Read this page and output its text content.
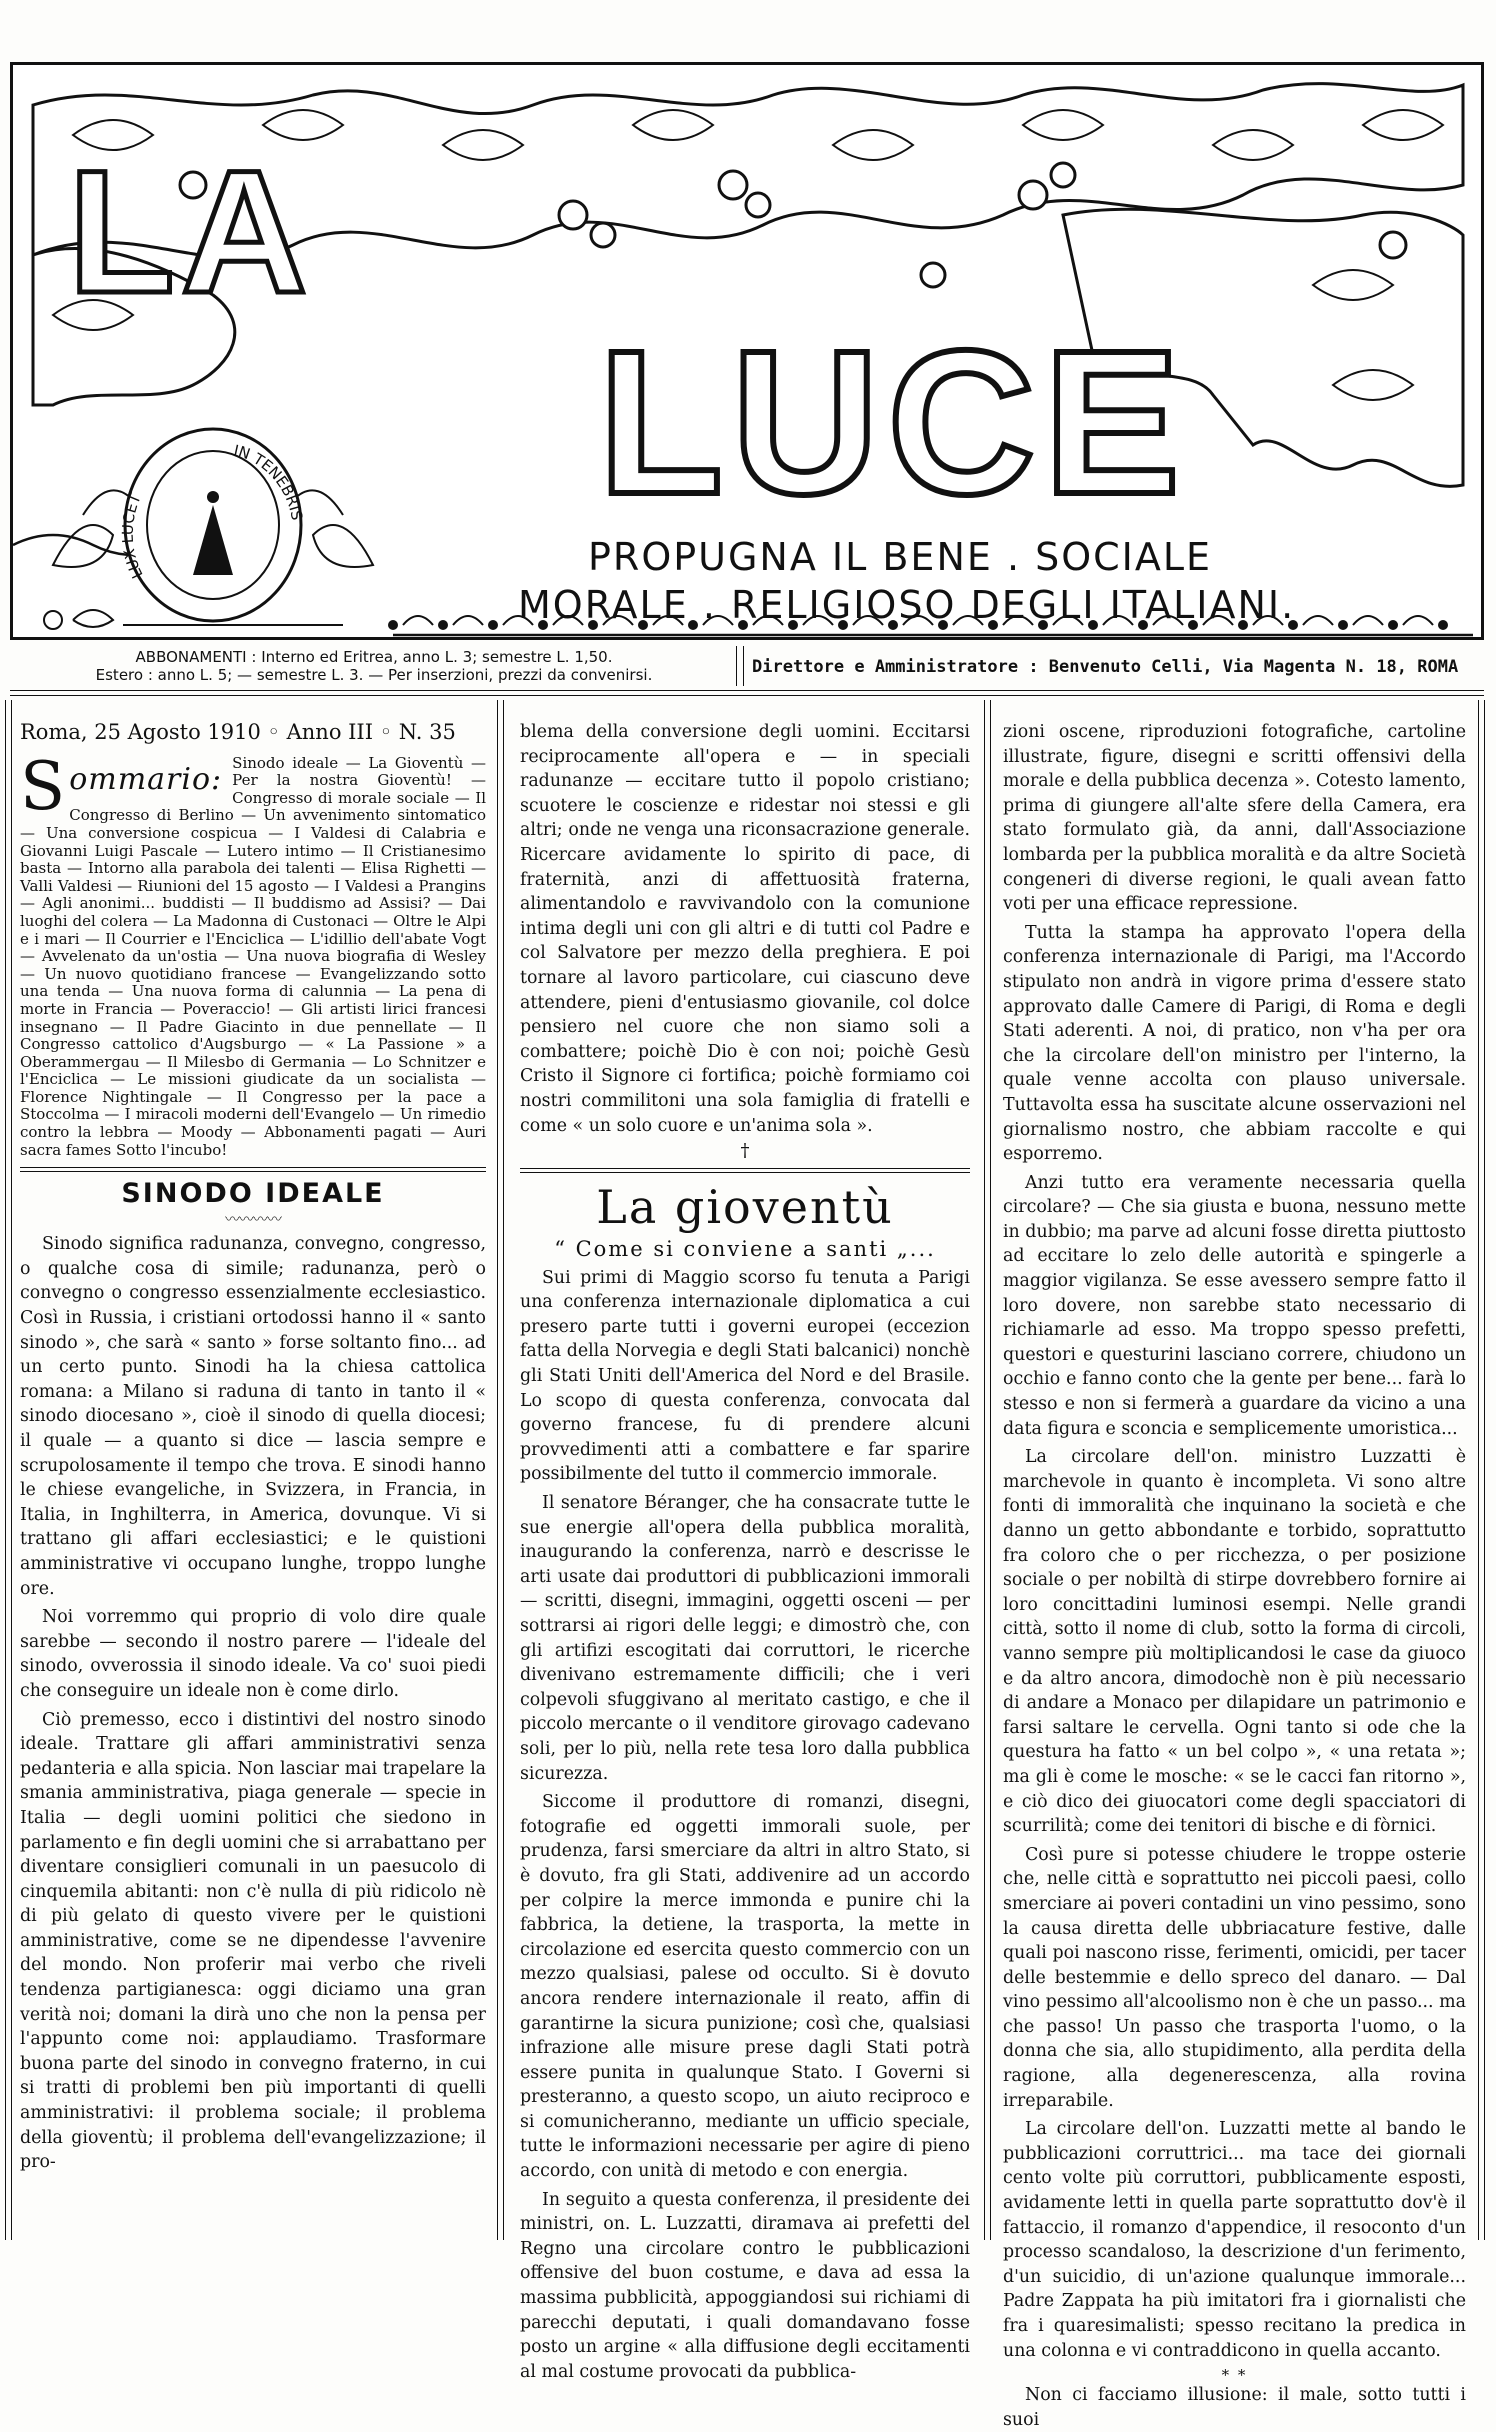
LA
LUCE
LUX LUCET
IN TENEBRIS

PROPUGNA IL BENE . SOCIALE

MORALE . RELIGIOSO DEGLI ITALIANI.

ABBONAMENTI : Interno ed Eritrea, anno L. 3; semestre L. 1,50.
Estero : anno L. 5; — semestre L. 3. — Per inserzioni, prezzi da convenirsi.	Direttore e Amministratore : Benvenuto Celli, Via Magenta N. 18, ROMA
Roma, 25 Agosto 1910 ◦ Anno III ◦ N. 35
S ommario: Sinodo ideale — La Gioventù — Per la nostra Gioventù! — Congresso di morale sociale — Il Congresso di Berlino — Un avvenimento sintomatico — Una conversione cospicua — I Valdesi di Calabria e Giovanni Luigi Pascale — Lutero intimo — Il Cristianesimo basta — Intorno alla parabola dei talenti — Elisa Righetti — Valli Valdesi — Riunioni del 15 agosto — I Valdesi a Prangins — Agli anonimi... buddisti — Il buddismo ad Assisi? — Dai luoghi del colera — La Madonna di Custonaci — Oltre le Alpi e i mari — Il Courrier e l'Enciclica — L'idillio dell'abate Vogt — Avvelenato da un'ostia — Una nuova biografia di Wesley — Un nuovo quotidiano francese — Evangelizzando sotto una tenda — Una nuova forma di calunnia — La pena di morte in Francia — Poveraccio! — Gli artisti lirici francesi insegnano — Il Padre Giacinto in due pennellate — Il Congresso cattolico d'Augsburgo — « La Passione » a Oberammergau — Il Milesbo di Germania — Lo Schnitzer e l'Enciclica — Le missioni giudicate da un socialista — Florence Nightingale — Il Congresso per la pace a Stoccolma — I miracoli moderni dell'Evangelo — Un rimedio contro la lebbra — Moody — Abbonamenti pagati — Auri sacra fames Sotto l'incubo!
SINODO IDEALE
〰〰〰〰

Sinodo significa radunanza, convegno, congresso, o qualche cosa di simile; radunanza, però o convegno o congresso essenzialmente ecclesiastico. Così in Russia, i cristiani ortodossi hanno il « santo sinodo », che sarà « santo » forse soltanto fino... ad un certo punto. Sinodi ha la chiesa cattolica romana: a Milano si raduna di tanto in tanto il « sinodo diocesano », cioè il sinodo di quella diocesi; il quale — a quanto si dice — lascia sempre e scrupolosamente il tempo che trova. E sinodi hanno le chiese evangeliche, in Svizzera, in Francia, in Italia, in Inghilterra, in America, dovunque. Vi si trattano gli affari ecclesiastici; e le quistioni amministrative vi occupano lunghe, troppo lunghe ore.

Noi vorremmo qui proprio di volo dire quale sarebbe — secondo il nostro parere — l'ideale del sinodo, ovverossia il sinodo ideale. Va co' suoi piedi che conseguire un ideale non è come dirlo.

Ciò premesso, ecco i distintivi del nostro sinodo ideale. Trattare gli affari amministrativi senza pedanteria e alla spicia. Non lasciar mai trapelare la smania amministrativa, piaga generale — specie in Italia — degli uomini politici che siedono in parlamento e fin degli uomini che si arrabattano per diventare consiglieri comunali in un paesucolo di cinquemila abitanti: non c'è nulla di più ridicolo nè di più gelato di questo vivere per le quistioni amministrative, come se ne dipendesse l'avvenire del mondo. Non proferir mai verbo che riveli tendenza partigianesca: oggi diciamo una gran verità noi; domani la dirà uno che non la pensa per l'appunto come noi: applaudiamo. Trasformare buona parte del sinodo in convegno fraterno, in cui si tratti di problemi ben più importanti di quelli amministrativi: il problema sociale; il problema della gioventù; il problema dell'evangelizzazione; il pro-

blema della conversione degli uomini. Eccitarsi reciprocamente all'opera e — in speciali radunanze — eccitare tutto il popolo cristiano; scuotere le coscienze e ridestar noi stessi e gli altri; onde ne venga una riconsacrazione generale. Ricercare avidamente lo spirito di pace, di fraternità, anzi di affettuosità fraterna, alimentandolo e ravvivandolo con la comunione intima degli uni con gli altri e di tutti col Padre e col Salvatore per mezzo della preghiera. E poi tornare al lavoro particolare, cui ciascuno deve attendere, pieni d'entusiasmo giovanile, col dolce pensiero nel cuore che non siamo soli a combattere; poichè Dio è con noi; poichè Gesù Cristo il Signore ci fortifica; poichè formiamo coi nostri commilitoni una sola famiglia di fratelli e come « un solo cuore e un'anima sola ».

†
La gioventù
“ Come si conviene a santi „...

Sui primi di Maggio scorso fu tenuta a Parigi una conferenza internazionale diplomatica a cui presero parte tutti i governi europei (eccezion fatta della Norvegia e degli Stati balcanici) nonchè gli Stati Uniti dell'America del Nord e del Brasile. Lo scopo di questa conferenza, convocata dal governo francese, fu di prendere alcuni provvedimenti atti a combattere e far sparire possibilmente del tutto il commercio immorale.

Il senatore Béranger, che ha consacrate tutte le sue energie all'opera della pubblica moralità, inaugurando la conferenza, narrò e descrisse le arti usate dai produttori di pubblicazioni immorali — scritti, disegni, immagini, oggetti osceni — per sottrarsi ai rigori delle leggi; e dimostrò che, con gli artifizi escogitati dai corruttori, le ricerche divenivano estremamente difficili; che i veri colpevoli sfuggivano al meritato castigo, e che il piccolo mercante o il venditore girovago cadevano soli, per lo più, nella rete tesa loro dalla pubblica sicurezza.

Siccome il produttore di romanzi, disegni, fotografie ed oggetti immorali suole, per prudenza, farsi smerciare da altri in altro Stato, si è dovuto, fra gli Stati, addivenire ad un accordo per colpire la merce immonda e punire chi la fabbrica, la detiene, la trasporta, la mette in circolazione ed esercita questo commercio con un mezzo qualsiasi, palese od occulto. Si è dovuto ancora rendere internazionale il reato, affin di garantirne la sicura punizione; così che, qualsiasi infrazione alle misure prese dagli Stati potrà essere punita in qualunque Stato. I Governi si presteranno, a questo scopo, un aiuto reciproco e si comunicheranno, mediante un ufficio speciale, tutte le informazioni necessarie per agire di pieno accordo, con unità di metodo e con energia.

In seguito a questa conferenza, il presidente dei ministri, on. L. Luzzatti, diramava ai prefetti del Regno una circolare contro le pubblicazioni offensive del buon costume, e dava ad essa la massima pubblicità, appoggiandosi sui richiami di parecchi deputati, i quali domandavano fosse posto un argine « alla diffusione degli eccitamenti al mal costume provocati da pubblica-

zioni oscene, riproduzioni fotografiche, cartoline illustrate, figure, disegni e scritti offensivi della morale e della pubblica decenza ». Cotesto lamento, prima di giungere all'alte sfere della Camera, era stato formulato già, da anni, dall'Associazione lombarda per la pubblica moralità e da altre Società congeneri di diverse regioni, le quali avean fatto voti per una efficace repressione.

Tutta la stampa ha approvato l'opera della conferenza internazionale di Parigi, ma l'Accordo stipulato non andrà in vigore prima d'essere stato approvato dalle Camere di Parigi, di Roma e degli Stati aderenti. A noi, di pratico, non v'ha per ora che la circolare dell'on ministro per l'interno, la quale venne accolta con plauso universale. Tuttavolta essa ha suscitate alcune osservazioni nel giornalismo nostro, che abbiam raccolte e qui esporremo.

Anzi tutto era veramente necessaria quella circolare? — Che sia giusta e buona, nessuno mette in dubbio; ma parve ad alcuni fosse diretta piuttosto ad eccitare lo zelo delle autorità e spingerle a maggior vigilanza. Se esse avessero sempre fatto il loro dovere, non sarebbe stato necessario di richiamarle ad esso. Ma troppo spesso prefetti, questori e questurini lasciano correre, chiudono un occhio e fanno conto che la gente per bene... farà lo stesso e non si fermerà a guardare da vicino a una data figura e sconcia e semplicemente umoristica...

La circolare dell'on. ministro Luzzatti è marchevole in quanto è incompleta. Vi sono altre fonti di immoralità che inquinano la società e che danno un getto abbondante e torbido, soprattutto fra coloro che o per ricchezza, o per posizione sociale o per nobiltà di stirpe dovrebbero fornire ai loro concittadini luminosi esempi. Nelle grandi città, sotto il nome di club, sotto la forma di circoli, vanno sempre più moltiplicandosi le case da giuoco e da altro ancora, dimodochè non è più necessario di andare a Monaco per dilapidare un patrimonio e farsi saltare le cervella. Ogni tanto si ode che la questura ha fatto « un bel colpo », « una retata »; ma gli è come le mosche: « se le cacci fan ritorno », e ciò dico dei giuocatori come degli spacciatori di scurrilità; come dei tenitori di bische e di fòrnici.

Così pure si potesse chiudere le troppe osterie che, nelle città e soprattutto nei piccoli paesi, collo smerciare ai poveri contadini un vino pessimo, sono la causa diretta delle ubbriacature festive, dalle quali poi nascono risse, ferimenti, omicidi, per tacer delle bestemmie e dello spreco del danaro. — Dal vino pessimo all'alcoolismo non è che un passo... ma che passo! Un passo che trasporta l'uomo, o la donna che sia, allo stupidimento, alla perdita della ragione, alla degenerescenza, alla rovina irreparabile.

La circolare dell'on. Luzzatti mette al bando le pubblicazioni corruttrici... ma tace dei giornali cento volte più corruttori, pubblicamente esposti, avidamente letti in quella parte soprattutto dov'è il fattaccio, il romanzo d'appendice, il resoconto d'un processo scandaloso, la descrizione d'un ferimento, d'un suicidio, di un'azione qualunque immorale... Padre Zappata ha più imitatori fra i giornalisti che fra i quaresimalisti; spesso recitano la predica in una colonna e vi contraddicono in quella accanto.

* *

Non ci facciamo illusione: il male, sotto tutti i suoi
